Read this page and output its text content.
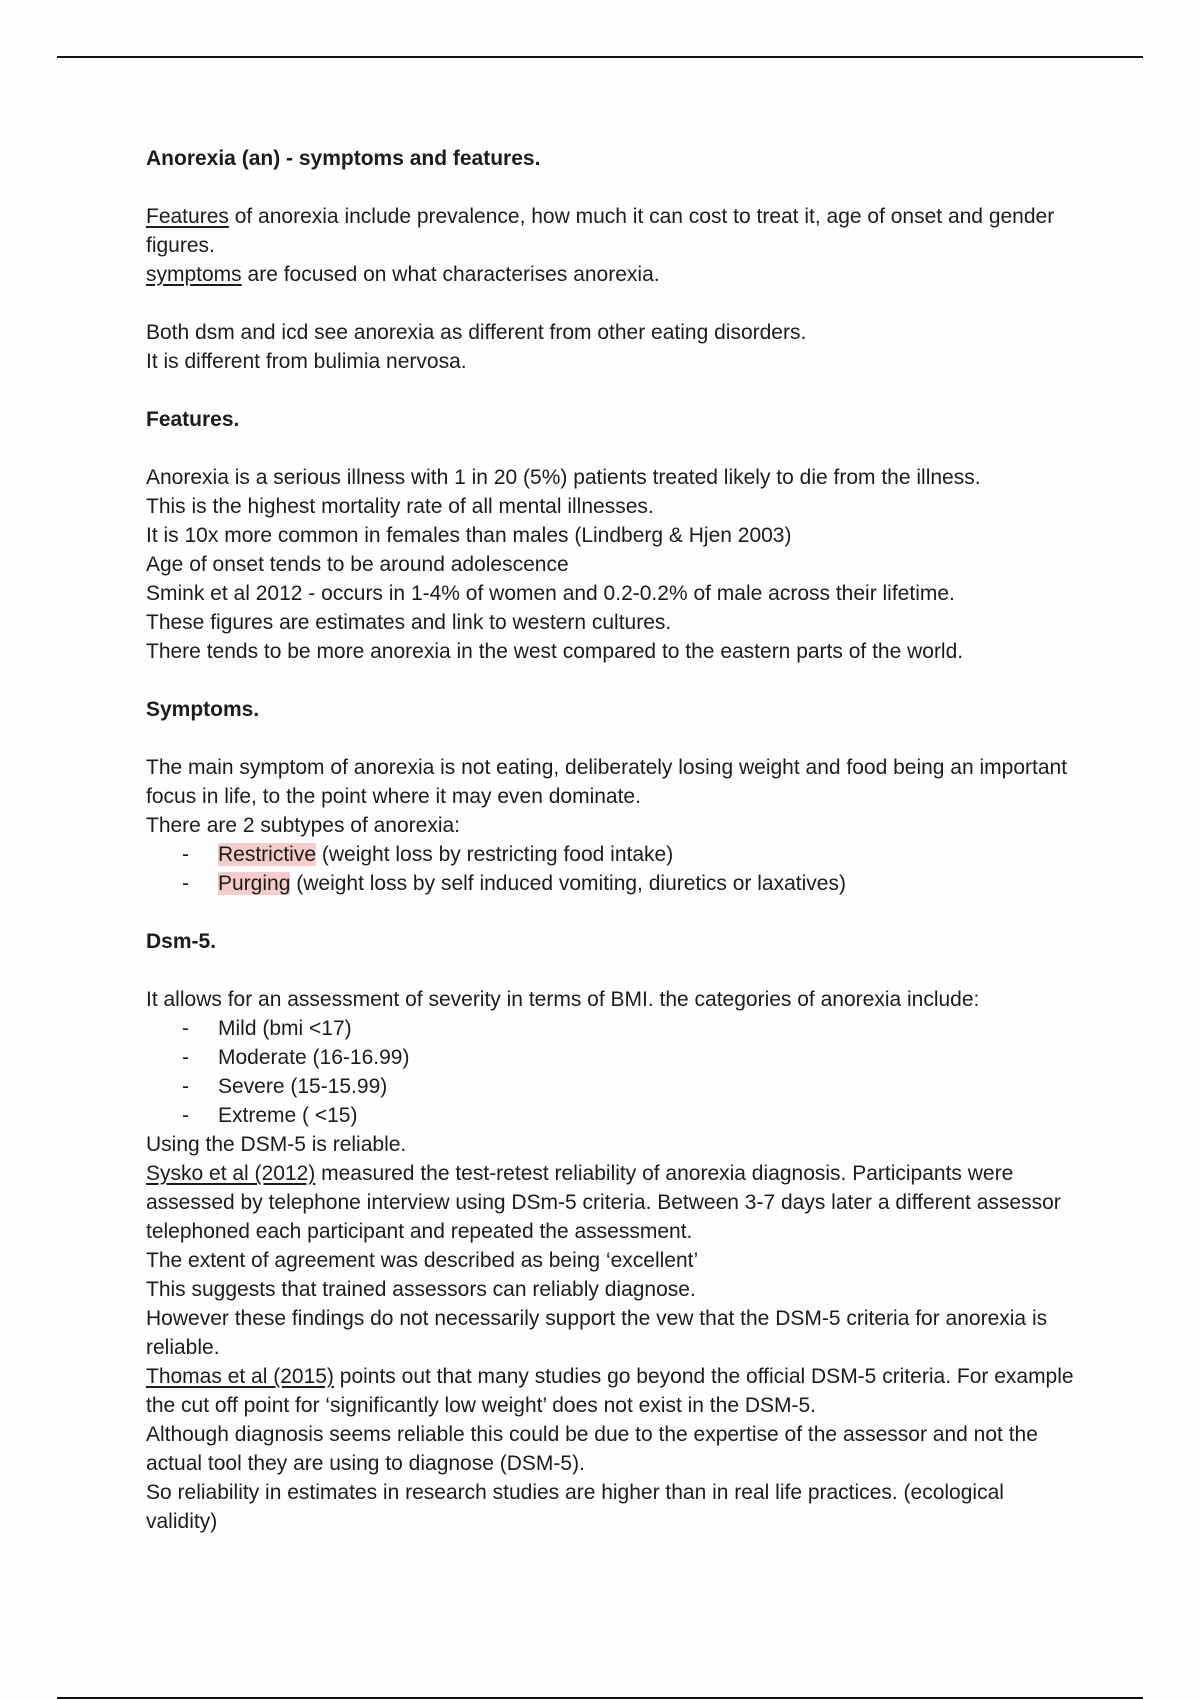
Anorexia (an) - symptoms and features.

Features of anorexia include prevalence, how much it can cost to treat it, age of onset and gender figures.

symptoms are focused on what characterises anorexia.

Both dsm and icd see anorexia as different from other eating disorders.

It is different from bulimia nervosa.

Features.

Anorexia is a serious illness with 1 in 20 (5%) patients treated likely to die from the illness.

This is the highest mortality rate of all mental illnesses.

It is 10x more common in females than males (Lindberg & Hjen 2003)

Age of onset tends to be around adolescence

Smink et al 2012 - occurs in 1-4% of women and 0.2-0.2% of male across their lifetime.

These figures are estimates and link to western cultures.

There tends to be more anorexia in the west compared to the eastern parts of the world.

Symptoms.

The main symptom of anorexia is not eating, deliberately losing weight and food being an important focus in life, to the point where it may even dominate.

There are 2 subtypes of anorexia:

- Restrictive (weight loss by restricting food intake)
- Purging (weight loss by self induced vomiting, diuretics or laxatives)

Dsm-5.

It allows for an assessment of severity in terms of BMI. the categories of anorexia include:

- Mild (bmi <17)
- Moderate (16-16.99)
- Severe (15-15.99)
- Extreme ( <15)

Using the DSM-5 is reliable.

Sysko et al (2012) measured the test-retest reliability of anorexia diagnosis. Participants were assessed by telephone interview using DSm-5 criteria. Between 3-7 days later a different assessor telephoned each participant and repeated the assessment.

The extent of agreement was described as being ‘excellent’

This suggests that trained assessors can reliably diagnose.

However these findings do not necessarily support the vew that the DSM-5 criteria for anorexia is reliable.

Thomas et al (2015) points out that many studies go beyond the official DSM-5 criteria. For example the cut off point for ‘significantly low weight’ does not exist in the DSM-5.

Although diagnosis seems reliable this could be due to the expertise of the assessor and not the actual tool they are using to diagnose (DSM-5).

So reliability in estimates in research studies are higher than in real life practices. (ecological validity)
